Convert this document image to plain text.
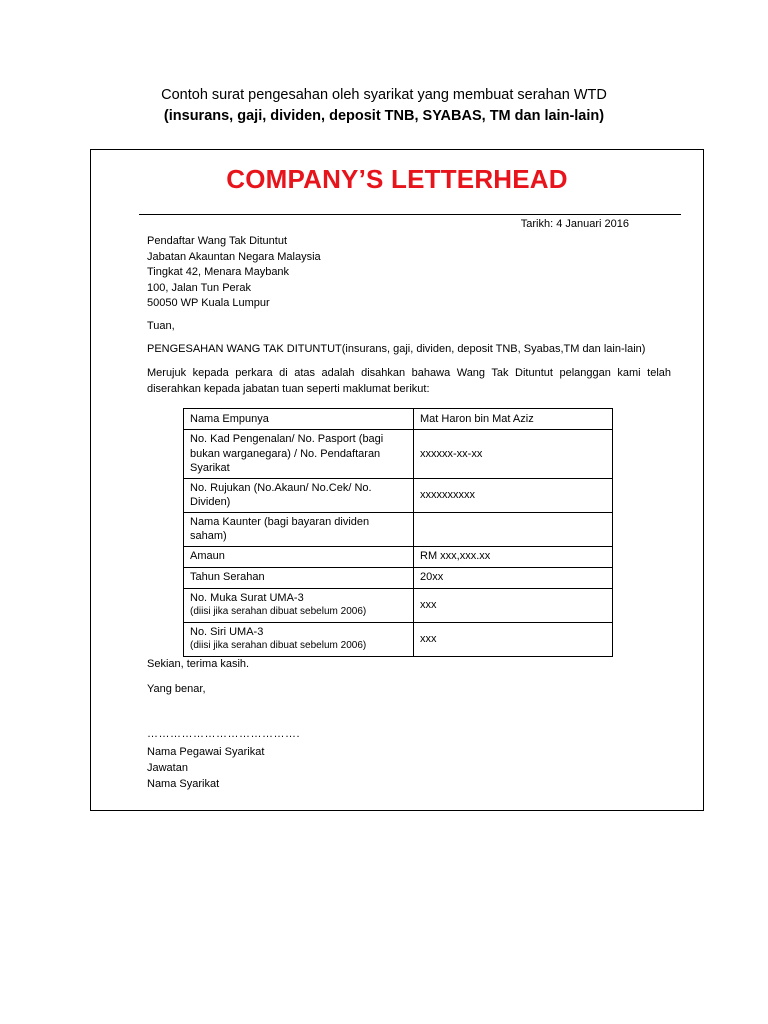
Contoh surat pengesahan oleh syarikat yang membuat serahan WTD
(insurans, gaji, dividen, deposit TNB, SYABAS, TM dan lain-lain)
COMPANY’S LETTERHEAD
Tarikh: 4 Januari 2016
Pendaftar Wang Tak Dituntut
Jabatan Akauntan Negara Malaysia
Tingkat 42, Menara Maybank
100, Jalan Tun Perak
50050 WP Kuala Lumpur
Tuan,
PENGESAHAN WANG TAK DITUNTUT(insurans, gaji, dividen, deposit TNB, Syabas,TM dan lain-lain)
Merujuk kepada perkara di atas adalah disahkan bahawa Wang Tak Dituntut pelanggan kami telah diserahkan kepada jabatan tuan seperti maklumat berikut:
Nama Empunya	Mat Haron bin Mat Aziz
No. Kad Pengenalan/ No. Pasport (bagi bukan warganegara) / No. Pendaftaran Syarikat	xxxxxx-xx-xx
No. Rujukan (No.Akaun/ No.Cek/ No. Dividen)	xxxxxxxxxx
Nama Kaunter (bagi bayaran dividen saham)	
Amaun	RM xxx,xxx.xx
Tahun Serahan	20xx
No. Muka Surat UMA-3
(diisi jika serahan dibuat sebelum 2006)	xxx
No. Siri UMA-3
(diisi jika serahan dibuat sebelum 2006)	xxx
Sekian, terima kasih.
Yang benar,
………………………………….
Nama Pegawai Syarikat
Jawatan
Nama Syarikat
